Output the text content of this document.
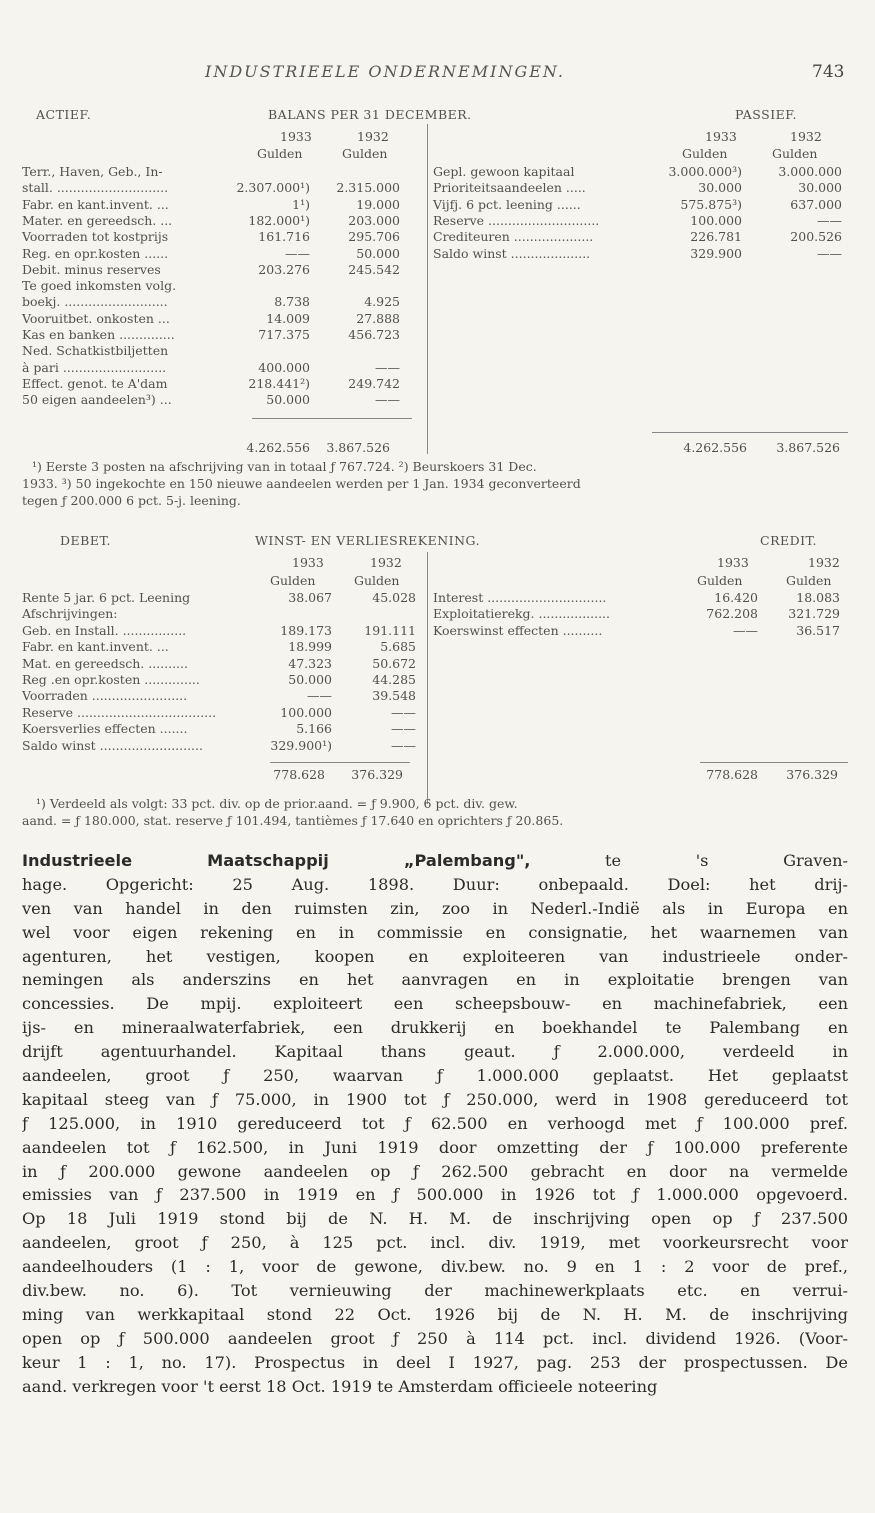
INDUSTRIEELE ONDERNEMINGEN.	743
ACTIEF.	BALANS PER 31 DECEMBER.	PASSIEF.
1933	1932
Gulden	Gulden
1933	1932
Gulden	Gulden
Terr., Haven, Geb., In-
stall. ............................	2.307.000¹)	2.315.000
Fabr. en kant.invent. ...	1¹)	19.000
Mater. en gereedsch. ...	182.000¹)	203.000
Voorraden tot kostprijs	161.716	295.706
Reg. en opr.kosten ......	——	50.000
Debit. minus reserves	203.276	245.542
Te goed inkomsten volg.
boekj. ..........................	8.738	4.925
Vooruitbet. onkosten ...	14.009	27.888
Kas en banken ..............	717.375	456.723
Ned. Schatkistbiljetten
à pari ..........................	400.000	——
Effect. genot. te A'dam	218.441²)	249.742
50 eigen aandeelen³) ...	50.000	——
Gepl. gewoon kapitaal	3.000.000³)	3.000.000
Prioriteitsaandeelen .....	30.000	30.000
Vijfj. 6 pct. leening ......	575.875³)	637.000
Reserve ............................	100.000	——
Crediteuren ....................	226.781	200.526
Saldo winst ....................	329.900	——
4.262.556	3.867.526	4.262.556	3.867.526
¹) Eerste 3 posten na afschrijving van in totaal ƒ 767.724. ²) Beurskoers 31 Dec.
1933. ³) 50 ingekochte en 150 nieuwe aandeelen werden per 1 Jan. 1934 geconverteerd
tegen ƒ 200.000 6 pct. 5-j. leening.
DEBET.	WINST- EN VERLIESREKENING.	CREDIT.
1933	1932
Gulden	Gulden
1933	1932
Gulden	Gulden
Rente 5 jar. 6 pct. Leening	38.067	45.028
Afschrijvingen:
Geb. en Install. ................	189.173	191.111
Fabr. en kant.invent. ...	18.999	5.685
Mat. en gereedsch. ..........	47.323	50.672
Reg .en opr.kosten ..............	50.000	44.285
Voorraden ........................	——	39.548
Reserve ...................................	100.000	——
Koersverlies effecten .......	5.166	——
Saldo winst ..........................	329.900¹)	——
Interest ..............................	16.420	18.083
Exploitatierekg. ..................	762.208	321.729
Koerswinst effecten ..........	——	36.517
778.628	376.329	778.628	376.329
¹) Verdeeld als volgt: 33 pct. div. op de prior.aand. = ƒ 9.900, 6 pct. div. gew.
aand. = ƒ 180.000, stat. reserve ƒ 101.494, tantièmes ƒ 17.640 en oprichters ƒ 20.865.
Industrieele Maatschappij „Palembang", te 's Graven-
hage. Opgericht: 25 Aug. 1898. Duur: onbepaald. Doel: het drij-
ven van handel in den ruimsten zin, zoo in Nederl.-Indië als in Europa en
wel voor eigen rekening en in commissie en consignatie, het waarnemen van
agenturen, het vestigen, koopen en exploiteeren van industrieele onder-
nemingen als anderszins en het aanvragen en in exploitatie brengen van
concessies. De mpij. exploiteert een scheepsbouw- en machinefabriek, een
ijs- en mineraalwaterfabriek, een drukkerij en boekhandel te Palembang en
drijft agentuurhandel. Kapitaal thans geaut. ƒ 2.000.000, verdeeld in
aandeelen, groot ƒ 250, waarvan ƒ 1.000.000 geplaatst. Het geplaatst
kapitaal steeg van ƒ 75.000, in 1900 tot ƒ 250.000, werd in 1908 gereduceerd tot
ƒ 125.000, in 1910 gereduceerd tot ƒ 62.500 en verhoogd met ƒ 100.000 pref.
aandeelen tot ƒ 162.500, in Juni 1919 door omzetting der ƒ 100.000 preferente
in ƒ 200.000 gewone aandeelen op ƒ 262.500 gebracht en door na vermelde
emissies van ƒ 237.500 in 1919 en ƒ 500.000 in 1926 tot ƒ 1.000.000 opgevoerd.
Op 18 Juli 1919 stond bij de N. H. M. de inschrijving open op ƒ 237.500
aandeelen, groot ƒ 250, à 125 pct. incl. div. 1919, met voorkeursrecht voor
aandeelhouders (1 : 1, voor de gewone, div.bew. no. 9 en 1 : 2 voor de pref.,
div.bew. no. 6). Tot vernieuwing der machinewerkplaats etc. en verrui-
ming van werkkapitaal stond 22 Oct. 1926 bij de N. H. M. de inschrijving
open op ƒ 500.000 aandeelen groot ƒ 250 à 114 pct. incl. dividend 1926. (Voor-
keur 1 : 1, no. 17). Prospectus in deel I 1927, pag. 253 der prospectussen. De
aand. verkregen voor 't eerst 18 Oct. 1919 te Amsterdam officieele noteering
